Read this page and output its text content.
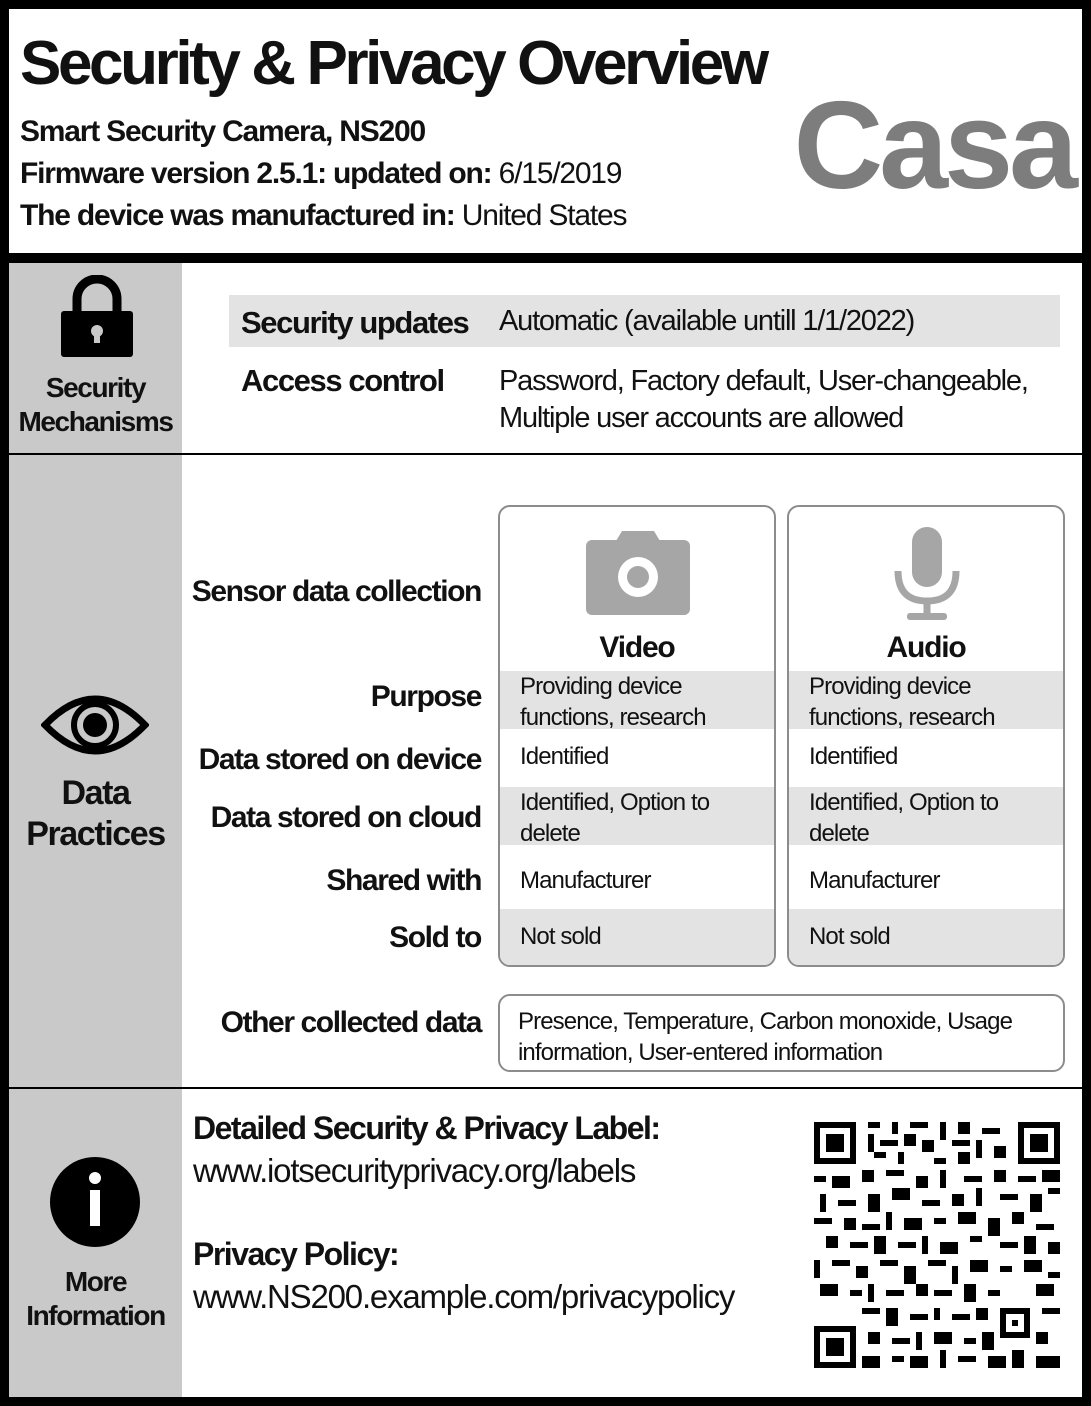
Security & Privacy Overview
Smart Security Camera, NS200
Firmware version 2.5.1: updated on: 6/15/2019
The device was manufactured in: United States
Casa
Security
Mechanisms
Security updates Automatic (available untill 1/1/2022)
Access control Password, Factory default, User-changeable,
Multiple user accounts are allowed
Data
Practices
Sensor data collection
Purpose
Data stored on device
Data stored on cloud
Shared with
Sold to
Other collected data
Video
Providing device
functions, research
Identified
Identified, Option to
delete
Manufacturer
Not sold
Audio
Providing device
functions, research
Identified
Identified, Option to
delete
Manufacturer
Not sold
Presence, Temperature, Carbon monoxide, Usage
information, User-entered information
More
Information
Detailed Security & Privacy Label:
www.iotsecurityprivacy.org/labels
Privacy Policy:
www.NS200.example.com/privacypolicy
